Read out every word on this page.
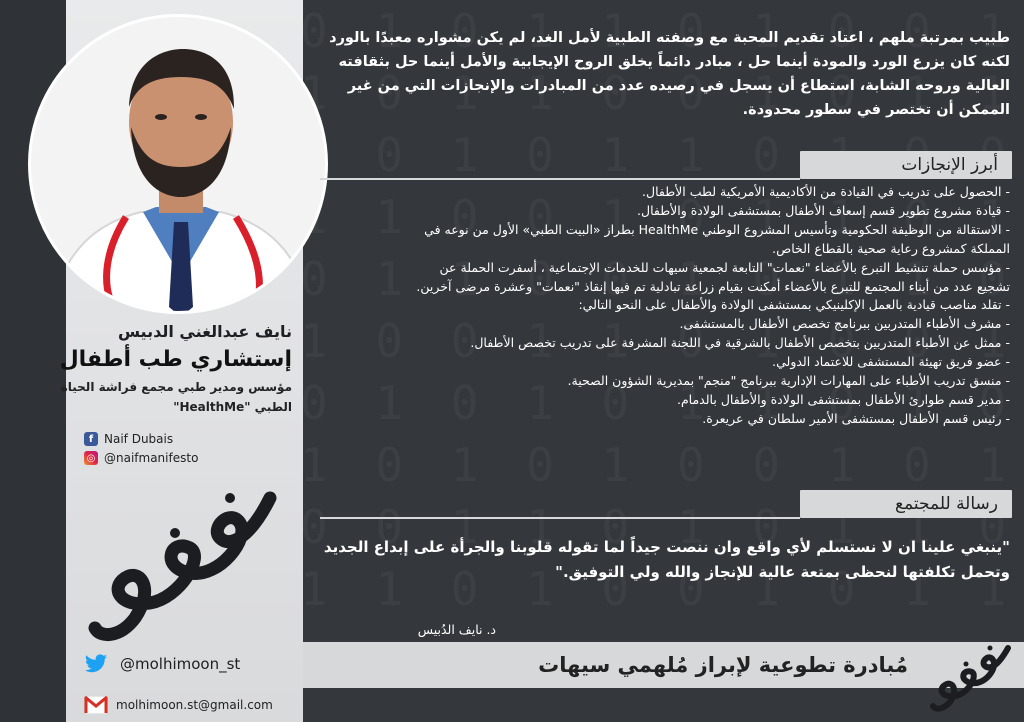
نايف عبدالغني الدبيس
إستشاري طب أطفال
مؤسس ومدير طبي مجمع فراشة الحياة
الطبي "HealthMe"
f Naif Dubais
◎ @naifmanifesto
@molhimoon_st
molhimoon.st@gmail.com

طبيب بمرتبة ملهم ، اعتاد تقديم المحبة مع وصفته الطبية لأمل الغد، لم يكن مشواره معبدًا بالورد لكنه كان يزرع الورد والمودة أينما حل ، مبادر دائماً يخلق الروح الإيجابية والأمل أينما حل بثقافته العالية وروحه الشابة، استطاع أن يسجل في رصيده عدد من المبادرات والإنجازات التي من غير الممكن أن تختصر في سطور محدودة.

أبرز الإنجازات
- الحصول على تدريب في القيادة من الأكاديمية الأمريكية لطب الأطفال.
- قيادة مشروع تطوير قسم إسعاف الأطفال بمستشفى الولادة والأطفال.
- الاستقالة من الوظيفة الحكومية وتأسيس المشروع الوطني HealthMe بطراز «البيت الطبي» الأول من نوعه في
المملكة كمشروع رعاية صحية بالقطاع الخاص.
- مؤسس حملة تنشيط التبرع بالأعضاء "نعمات" التابعة لجمعية سيهات للخدمات الإجتماعية ، أسفرت الحملة عن
تشجيع عدد من أبناء المجتمع للتبرع بالأعضاء أمكنت بقيام زراعة تبادلية تم فيها إنقاذ "نعمات" وعشرة مرضى آخرين.
- تقلد مناصب قيادية بالعمل الإكلينيكي بمستشفى الولادة والأطفال على النحو التالي:
- مشرف الأطباء المتدربين ببرنامج تخصص الأطفال بالمستشفى.
- ممثل عن الأطباء المتدربين بتخصص الأطفال بالشرقية في اللجنة المشرفة على تدريب تخصص الأطفال.
- عضو فريق تهيئة المستشفى للاعتماد الدولي.
- منسق تدريب الأطباء على المهارات الإدارية ببرنامج "منجم" بمديرية الشؤون الصحية.
- مدير قسم طوارئ الأطفال بمستشفى الولادة والأطفال بالدمام.
- رئيس قسم الأطفال بمستشفى الأمير سلطان في عريعرة.
رسالة للمجتمع
"ينبغي علينا ان لا نستسلم لأي واقع وان ننصت جيداً لما تقوله قلوبنا والجرأة على إبداع الجديد
وتحمل تكلفتها لنحظى بمتعة عالية للإنجاز والله ولي التوفيق."
د. نايف الدُبيس
مُبادرة تطوعية لإبراز مُلهمي سيهات
